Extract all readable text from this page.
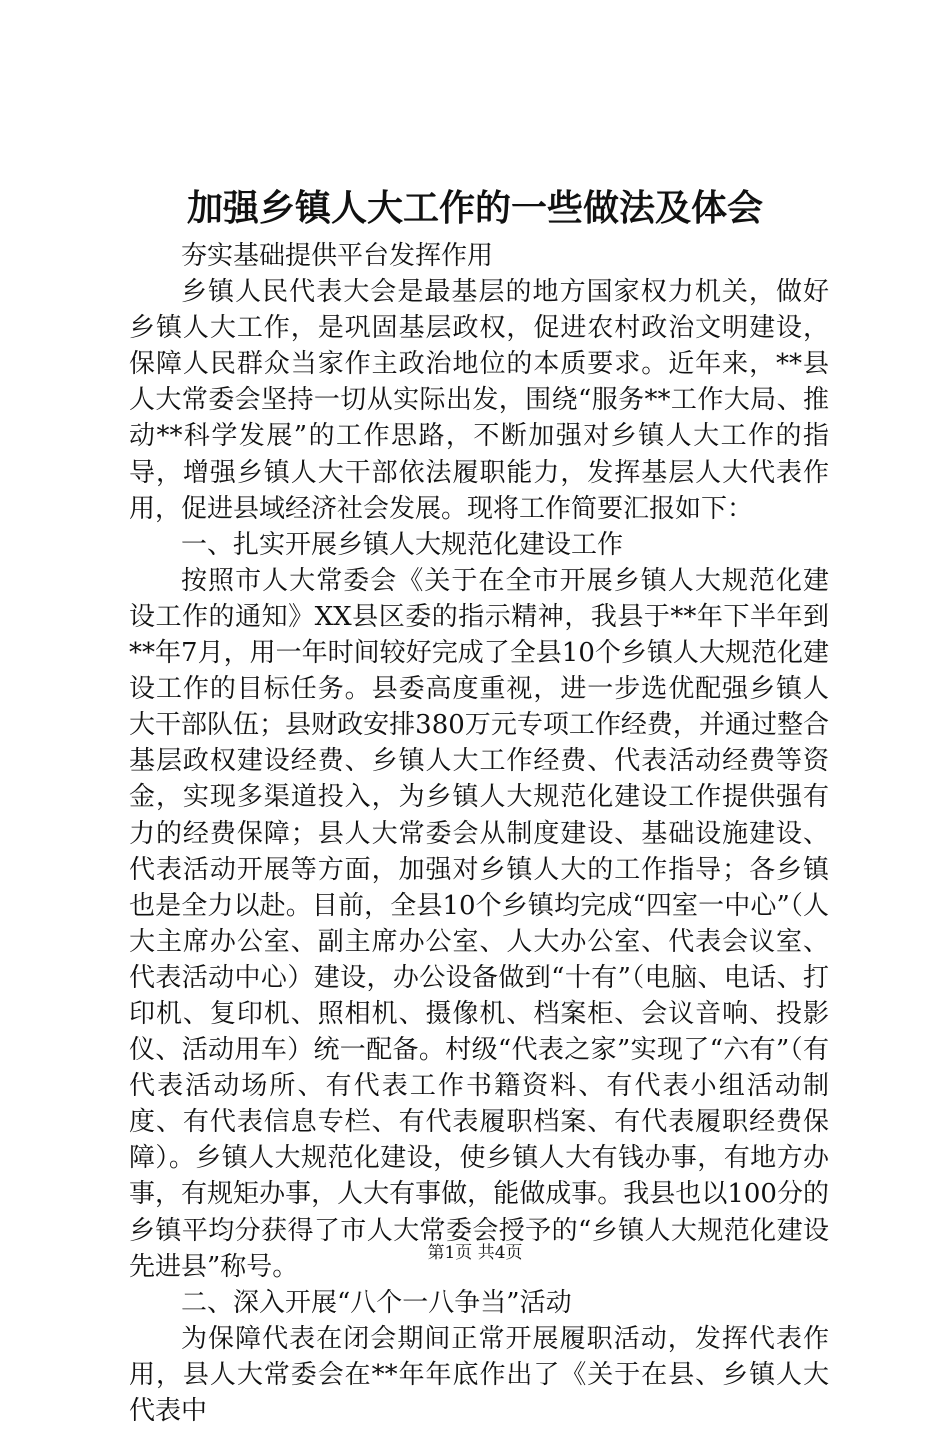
加强乡镇人大工作的一些做法及体会

夯实基础提供平台发挥作用

乡镇人民代表大会是最基层的地方国家权力机关，做好乡镇人大工作，是巩固基层政权，促进农村政治文明建设，保障人民群众当家作主政治地位的本质要求。近年来，**县人大常委会坚持一切从实际出发，围绕“服务**工作大局、推动**科学发展”的工作思路，不断加强对乡镇人大工作的指导，增强乡镇人大干部依法履职能力，发挥基层人大代表作用，促进县域经济社会发展。现将工作简要汇报如下：

一、扎实开展乡镇人大规范化建设工作

按照市人大常委会《关于在全市开展乡镇人大规范化建设工作的通知》XX县区委的指示精神，我县于**年下半年到**年7月，用一年时间较好完成了全县10个乡镇人大规范化建设工作的目标任务。县委高度重视，进一步选优配强乡镇人大干部队伍；县财政安排380万元专项工作经费，并通过整合基层政权建设经费、乡镇人大工作经费、代表活动经费等资金，实现多渠道投入，为乡镇人大规范化建设工作提供强有力的经费保障；县人大常委会从制度建设、基础设施建设、代表活动开展等方面，加强对乡镇人大的工作指导；各乡镇也是全力以赴。目前，全县10个乡镇均完成“四室一中心”（人大主席办公室、副主席办公室、人大办公室、代表会议室、代表活动中心）建设，办公设备做到“十有”（电脑、电话、打印机、复印机、照相机、摄像机、档案柜、会议音响、投影仪、活动用车）统一配备。村级“代表之家”实现了“六有”（有代表活动场所、有代表工作书籍资料、有代表小组活动制度、有代表信息专栏、有代表履职档案、有代表履职经费保障）。乡镇人大规范化建设，使乡镇人大有钱办事，有地方办事，有规矩办事，人大有事做，能做成事。我县也以100分的乡镇平均分获得了市人大常委会授予的“乡镇人大规范化建设先进县”称号。

二、深入开展“八个一八争当”活动

为保障代表在闭会期间正常开展履职活动，发挥代表作用，县人大常委会在**年年底作出了《关于在县、乡镇人大代表中

第1页 共4页
